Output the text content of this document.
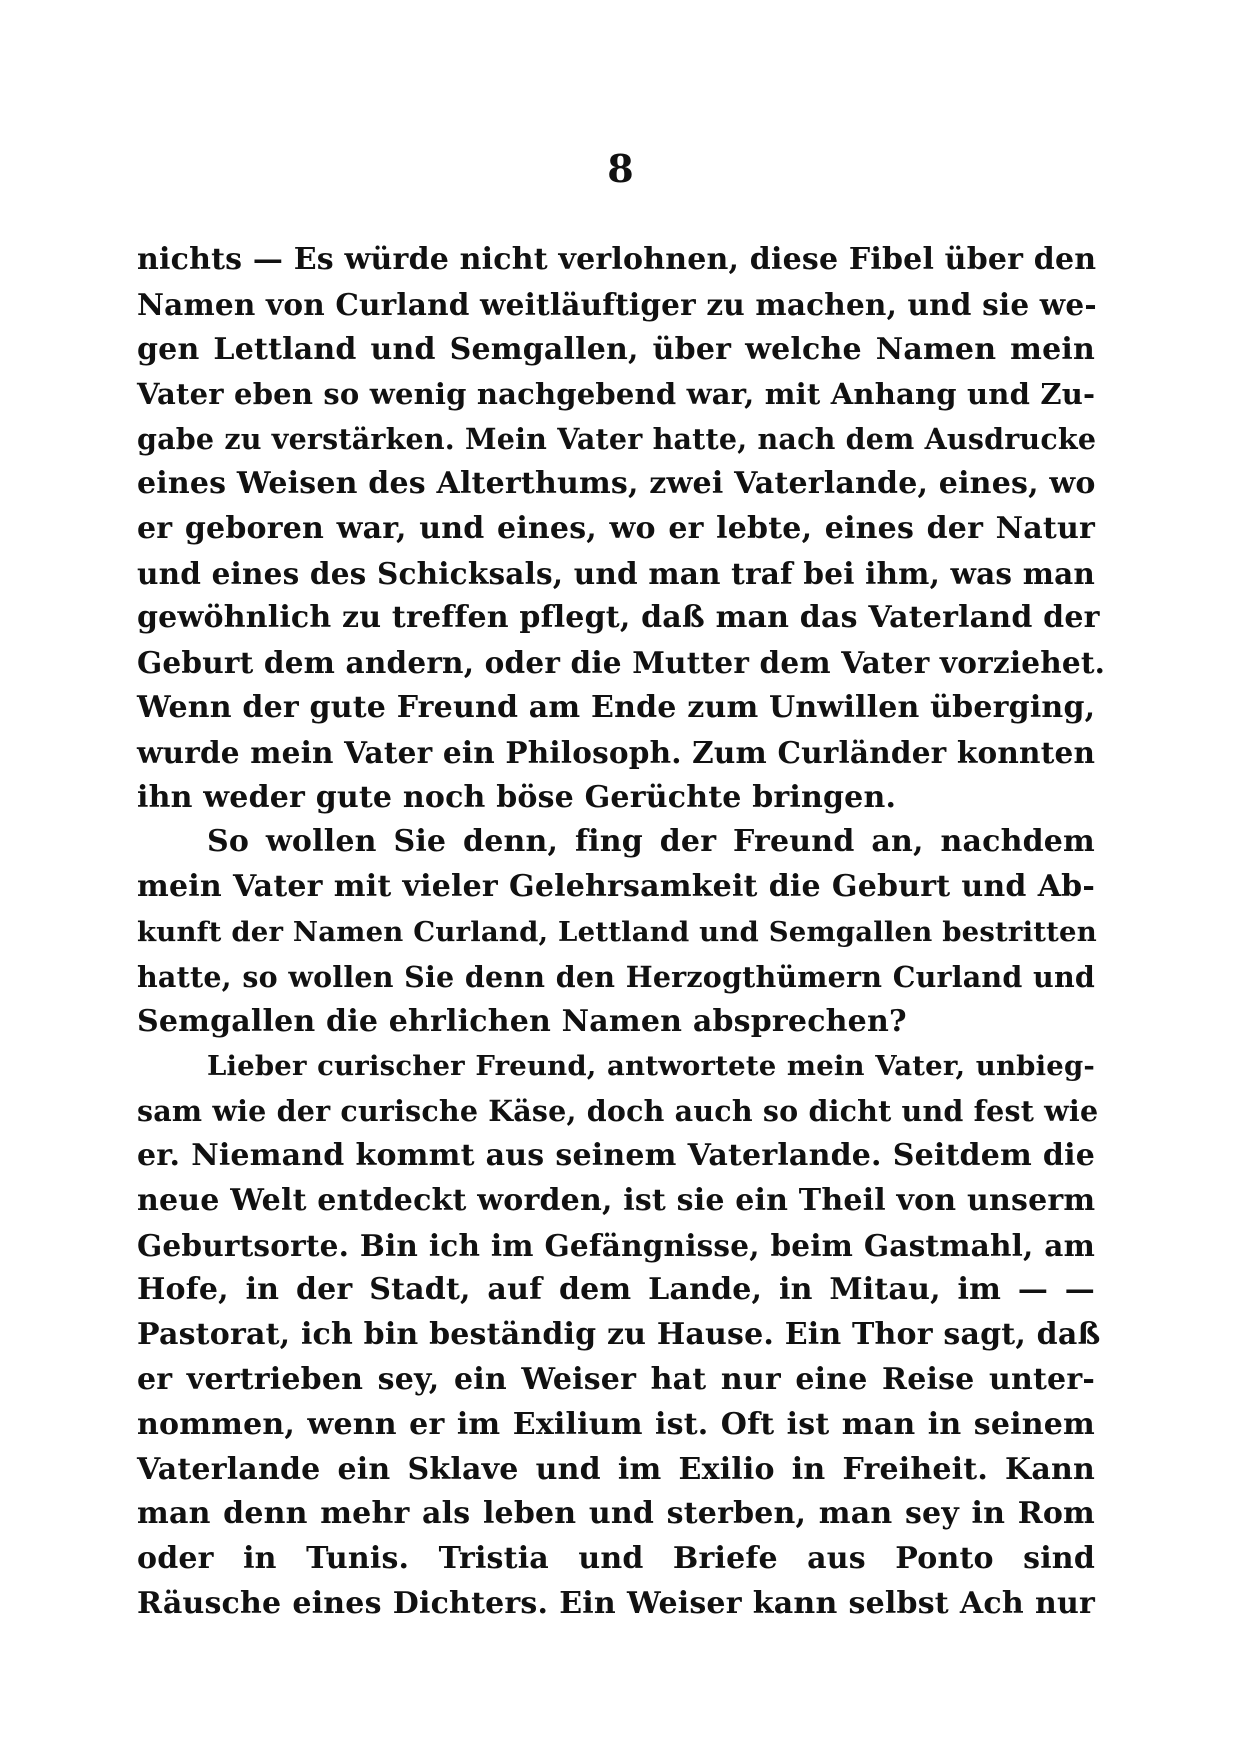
8
nichts — Es würde nicht verlohnen, diese Fibel über den
Namen von Curland weitläuftiger zu machen, und sie we-
gen Lettland und Semgallen, über welche Namen mein
Vater eben so wenig nachgebend war, mit Anhang und Zu-
gabe zu verstärken. Mein Vater hatte, nach dem Ausdrucke
eines Weisen des Alterthums, zwei Vaterlande, eines, wo
er geboren war, und eines, wo er lebte, eines der Natur
und eines des Schicksals, und man traf bei ihm, was man
gewöhnlich zu treffen pflegt, daß man das Vaterland der
Geburt dem andern, oder die Mutter dem Vater vorziehet.
Wenn der gute Freund am Ende zum Unwillen überging,
wurde mein Vater ein Philosoph. Zum Curländer konnten
ihn weder gute noch böse Gerüchte bringen.
So wollen Sie denn, fing der Freund an, nachdem
mein Vater mit vieler Gelehrsamkeit die Geburt und Ab-
kunft der Namen Curland, Lettland und Semgallen bestritten
hatte, so wollen Sie denn den Herzogthümern Curland und
Semgallen die ehrlichen Namen absprechen?
Lieber curischer Freund, antwortete mein Vater, unbieg-
sam wie der curische Käse, doch auch so dicht und fest wie
er. Niemand kommt aus seinem Vaterlande. Seitdem die
neue Welt entdeckt worden, ist sie ein Theil von unserm
Geburtsorte. Bin ich im Gefängnisse, beim Gastmahl, am
Hofe, in der Stadt, auf dem Lande, in Mitau, im — —
Pastorat, ich bin beständig zu Hause. Ein Thor sagt, daß
er vertrieben sey, ein Weiser hat nur eine Reise unter-
nommen, wenn er im Exilium ist. Oft ist man in seinem
Vaterlande ein Sklave und im Exilio in Freiheit. Kann
man denn mehr als leben und sterben, man sey in Rom
oder in Tunis. Tristia und Briefe aus Ponto sind
Räusche eines Dichters. Ein Weiser kann selbst Ach nur
